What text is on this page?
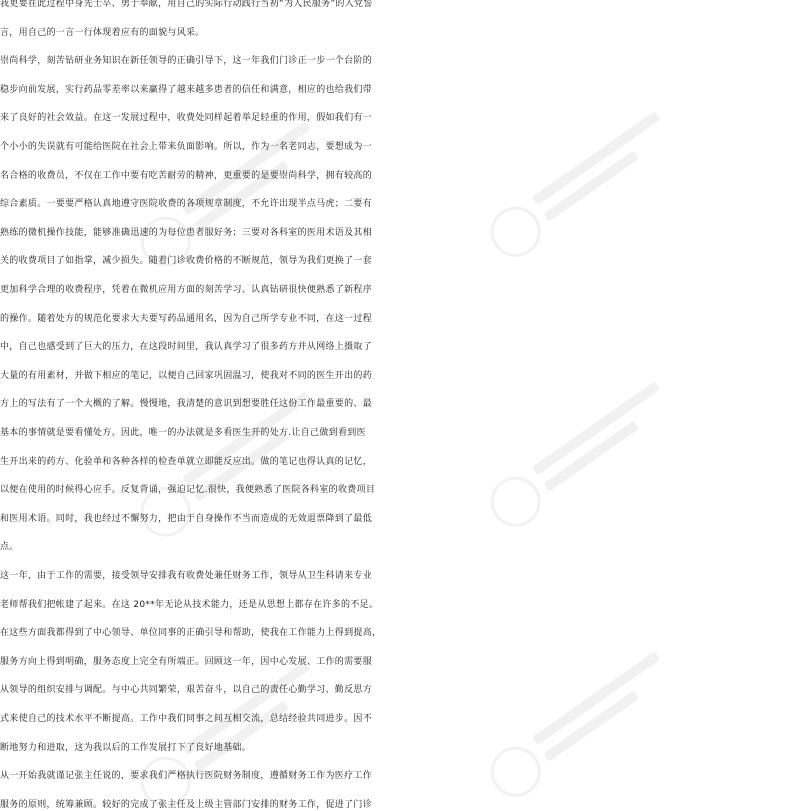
我更要在此过程中身先士卒、勇于奉献，用自己的实际行动践行当初“为人民服务”的入党誓
言，用自己的一言一行体现着应有的面貌与风采。
崇尚科学，刻苦钻研业务知识在新任领导的正确引导下，这一年我们门诊正一步一个台阶的
稳步向前发展，实行药品零差率以来赢得了越来越多患者的信任和满意，相应的也给我们带
来了良好的社会效益。在这一发展过程中，收费处同样起着举足轻重的作用，假如我们有一
个小小的失误就有可能给医院在社会上带来负面影响。所以，作为一名老同志，要想成为一
名合格的收费员，不仅在工作中要有吃苦耐劳的精神，更重要的是要崇尚科学，拥有较高的
综合素质。一要要严格认真地遵守医院收费的各项规章制度，不允许出现半点马虎；二要有
熟练的微机操作技能，能够准确迅速的为每位患者服好务；三要对各科室的医用术语及其相
关的收费项目了如指掌，减少损失。随着门诊收费价格的不断规范，领导为我们更换了一套
更加科学合理的收费程序，凭着在微机应用方面的刻苦学习、认真钻研很快便熟悉了新程序
的操作。随着处方的规范化要求大夫要写药品通用名，因为自己所学专业不同，在这一过程
中，自己也感受到了巨大的压力，在这段时间里，我认真学习了很多药方并从网络上摄取了
大量的有用素材，并做下相应的笔记，以便自己回家巩固温习，使我对不同的医生开出的药
方上的写法有了一个大概的了解。慢慢地，我清楚的意识到想要胜任这份工作最重要的、最
基本的事情就是要看懂处方。因此，唯一的办法就是多看医生开的处方.让自己做到看到医
生开出来的药方、化验单和各种各样的检查单就立即能反应出。做的笔记也得认真的记忆，
以便在使用的时候得心应手。反复背诵，强迫记忆.很快，我便熟悉了医院各科室的收费项目
和医用术语。同时，我也经过不懈努力，把由于自身操作不当而造成的无效退票降到了最低
点。
这一年，由于工作的需要，接受领导安排我有收费处兼任财务工作，领导从卫生科请来专业
老师帮我们把帐建了起来。在这 20**年无论从技术能力，还是从思想上都存在许多的不足。
在这些方面我都得到了中心领导、单位同事的正确引导和帮助，使我在工作能力上得到提高，
服务方向上得到明确，服务态度上完全有所端正。回顾这一年，因中心发展、工作的需要服
从领导的组织安排与调配。与中心共同繁荣，艰苦奋斗，以自己的责任心勤学习、勤反思方
式来使自己的技术水平不断提高。工作中我们同事之间互相交流，总结经验共同进步。因不
断地努力和进取，这为我以后的工作发展打下了良好地基础。
从一开始我就谨记张主任说的，要求我们严格执行医院财务制度，遵循财务工作为医疗工作
服务的原则，统筹兼顾。较好的完成了张主任及上级主管部门安排的财务工作，促进了门诊
